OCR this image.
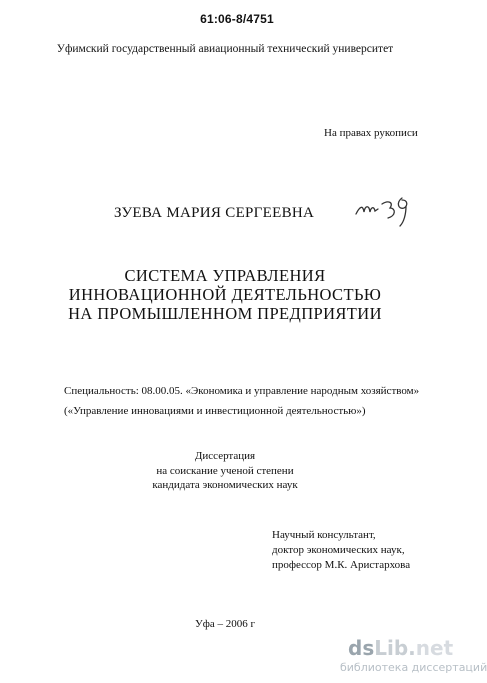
61:06-8/4751
Уфимский государственный авиационный технический университет
На правах рукописи
ЗУЕВА МАРИЯ СЕРГЕЕВНА
СИСТЕМА УПРАВЛЕНИЯ
ИННОВАЦИОННОЙ ДЕЯТЕЛЬНОСТЬЮ
НА ПРОМЫШЛЕННОМ ПРЕДПРИЯТИИ
Специальность: 08.00.05. «Экономика и управление народным хозяйством»
(«Управление инновациями и инвестиционной деятельностью»)
Диссертация
на соискание ученой степени
кандидата экономических наук
Научный консультант,
доктор экономических наук,
профессор М.К. Аристархова
Уфа – 2006 г
dsLib.net
библиотека диссертаций
